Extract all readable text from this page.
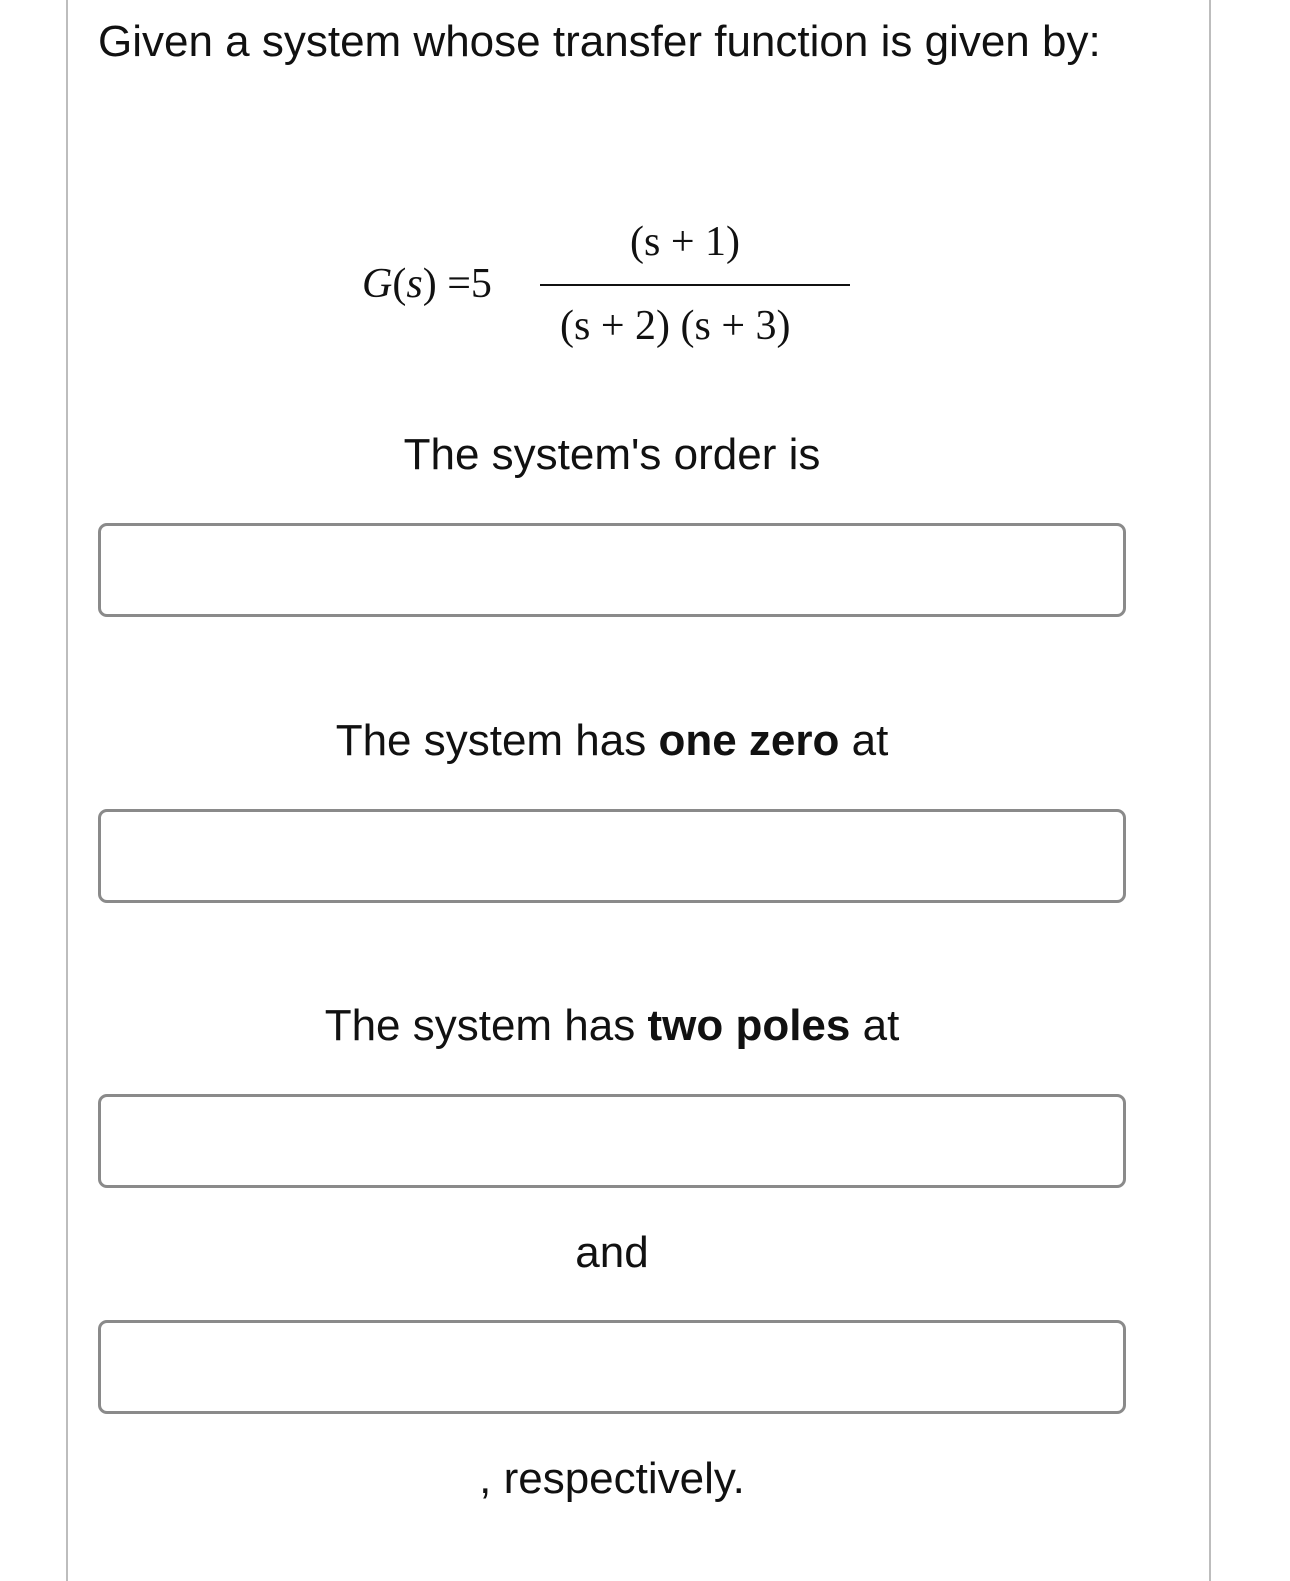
Given a system whose transfer function is given by:

G(s) =5
(s + 1)
(s + 2) (s + 3)

The system's order is

The system has one zero at

The system has two poles at

and

, respectively.
